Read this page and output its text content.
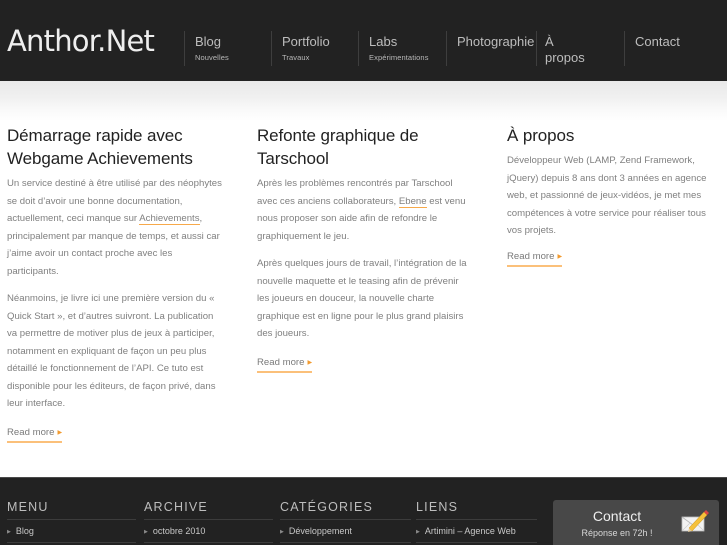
Anthor.Net	Blog
Nouvelles
Portfolio
Travaux
Labs
Expérimentations
Photographie À propos
Contact
Démarrage rapide avec Webgame Achievements

Un service destiné à être utilisé par des néophytes se doit d’avoir une bonne documentation, actuellement, ceci manque sur Achievements, principalement par manque de temps, et aussi car j’aime avoir un contact proche avec les participants.

Néanmoins, je livre ici une première version du « Quick Start », et d’autres suivront. La publication va permettre de motiver plus de jeux à participer, notamment en expliquant de façon un peu plus détaillé le fonctionnement de l’API. Ce tuto est disponible pour les éditeurs, de façon privé, dans leur interface.

Read more ▶
Refonte graphique de Tarschool

Après les problèmes rencontrés par Tarschool avec ces anciens collaborateurs, Ebene est venu nous proposer son aide afin de refondre le graphiquement le jeu.

Après quelques jours de travail, l’intégration de la nouvelle maquette et le teasing afin de prévenir les joueurs en douceur, la nouvelle charte graphique est en ligne pour le plus grand plaisirs des joueurs.

Read more ▶
À propos

Développeur Web (LAMP, Zend Framework, jQuery) depuis 8 ans dont 3 années en agence web, et passionné de jeux-vidéos, je met mes compétences à votre service pour réaliser tous vos projets.

Read more ▶
MENU
▶ Blog
ARCHIVE
▶ octobre 2010
CATÉGORIES
▶ Développement
LIENS
▶ Artimini – Agence Web
Contact
Réponse en 72h !
